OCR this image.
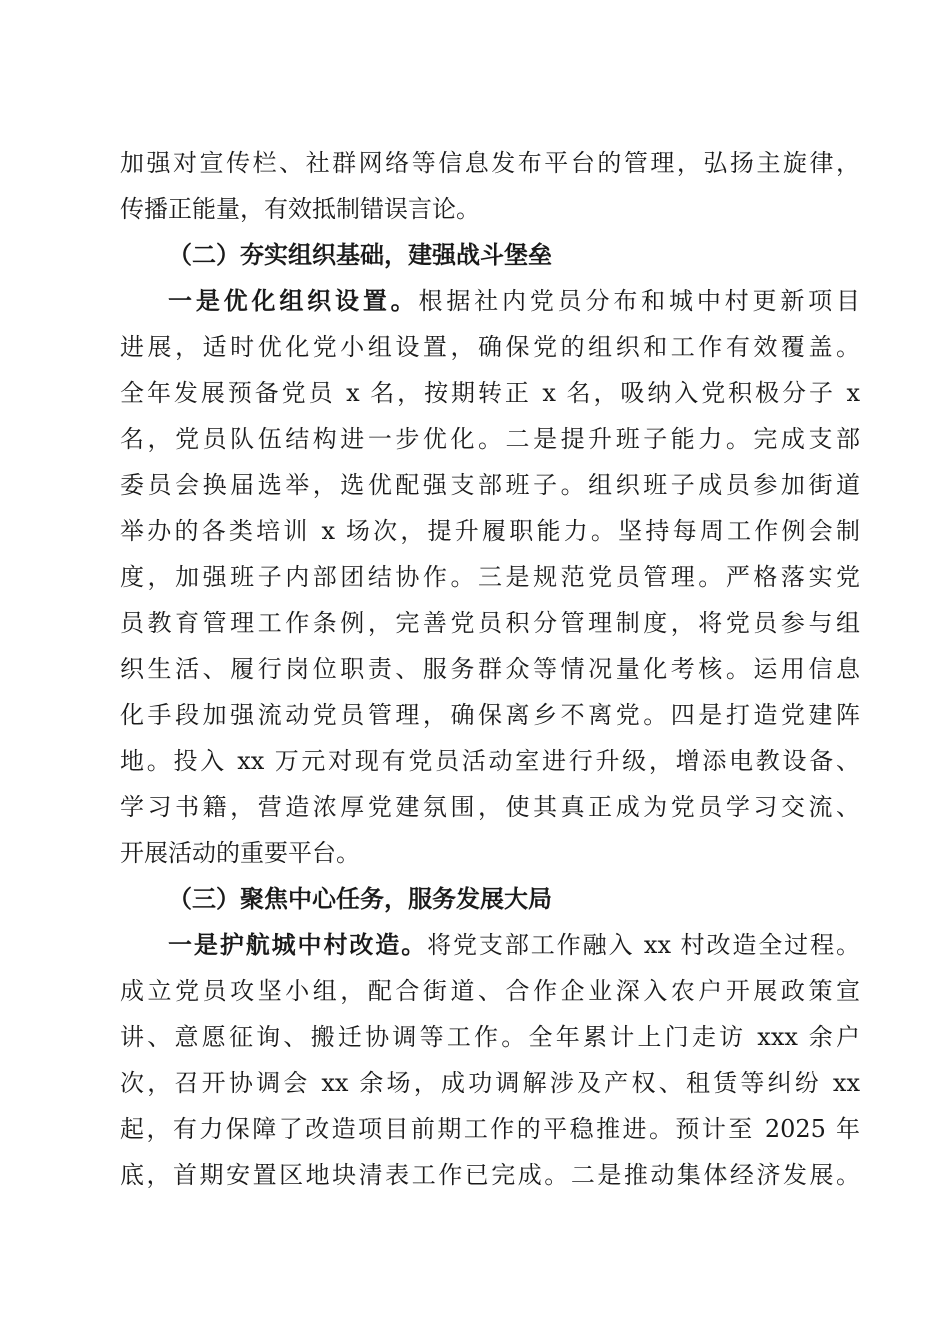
加强对宣传栏、社群网络等信息发布平台的管理，弘扬主旋律，
传播正能量，有效抵制错误言论。
（二）夯实组织基础，建强战斗堡垒
一是优化组织设置。根据社内党员分布和城中村更新项目
进展，适时优化党小组设置，确保党的组织和工作有效覆盖。
全年发展预备党员 x 名，按期转正 x 名，吸纳入党积极分子 x
名，党员队伍结构进一步优化。二是提升班子能力。完成支部
委员会换届选举，选优配强支部班子。组织班子成员参加街道
举办的各类培训 x 场次，提升履职能力。坚持每周工作例会制
度，加强班子内部团结协作。三是规范党员管理。严格落实党
员教育管理工作条例，完善党员积分管理制度，将党员参与组
织生活、履行岗位职责、服务群众等情况量化考核。运用信息
化手段加强流动党员管理，确保离乡不离党。四是打造党建阵
地。投入 xx 万元对现有党员活动室进行升级，增添电教设备、
学习书籍，营造浓厚党建氛围，使其真正成为党员学习交流、
开展活动的重要平台。
（三）聚焦中心任务，服务发展大局
一是护航城中村改造。将党支部工作融入 xx 村改造全过程。
成立党员攻坚小组，配合街道、合作企业深入农户开展政策宣
讲、意愿征询、搬迁协调等工作。全年累计上门走访 xxx 余户
次，召开协调会 xx 余场，成功调解涉及产权、租赁等纠纷 xx
起，有力保障了改造项目前期工作的平稳推进。预计至 2025 年
底，首期安置区地块清表工作已完成。二是推动集体经济发展。
